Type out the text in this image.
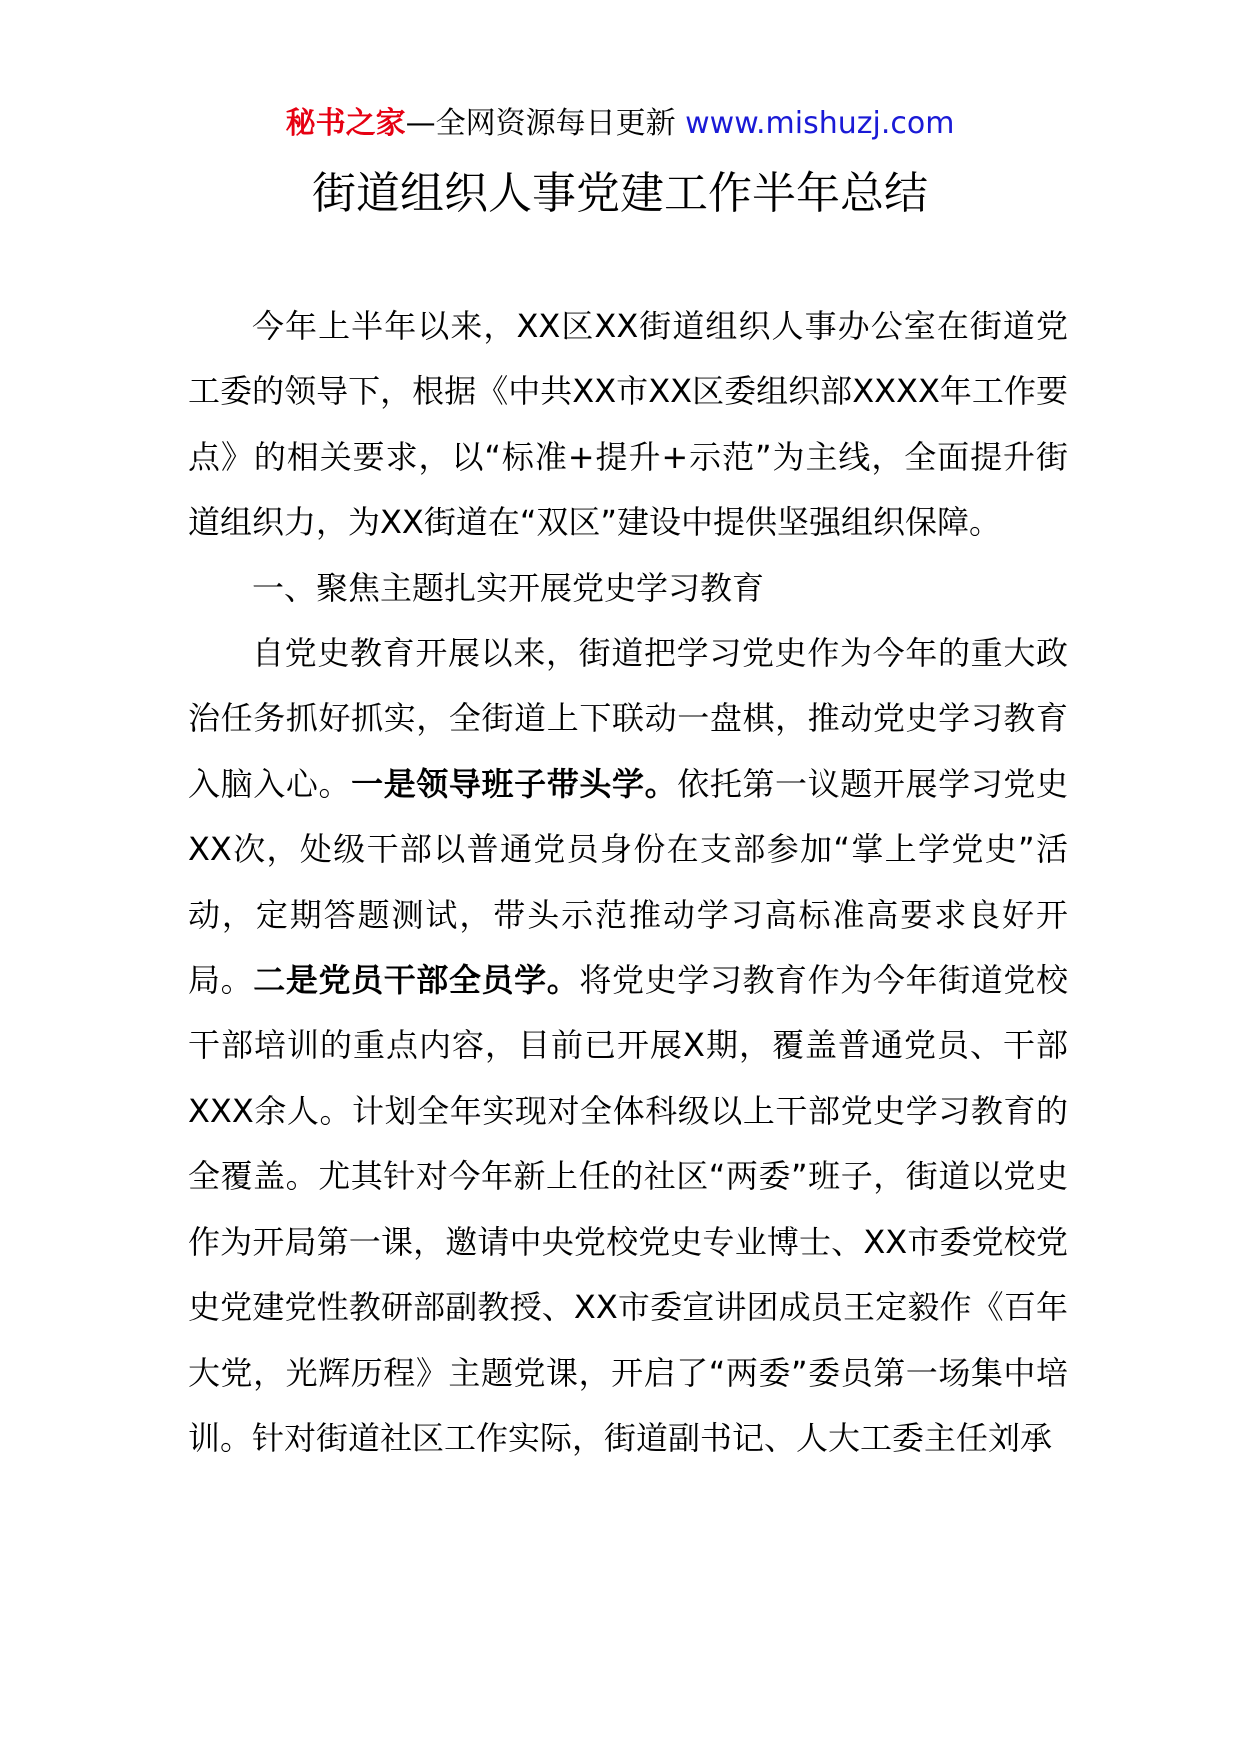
秘书之家—全网资源每日更新 www.mishuzj.com
街道组织人事党建工作半年总结

今年上半年以来，XX区XX街道组织人事办公室在街道党工委的领导下，根据《中共XX市XX区委组织部XXXX年工作要点》的相关要求，以“标准+提升+示范”为主线，全面提升街道组织力，为XX街道在“双区”建设中提供坚强组织保障。

一、聚焦主题扎实开展党史学习教育

自党史教育开展以来，街道把学习党史作为今年的重大政治任务抓好抓实，全街道上下联动一盘棋，推动党史学习教育入脑入心。一是领导班子带头学。依托第一议题开展学习党史XX次，处级干部以普通党员身份在支部参加“掌上学党史”活动，定期答题测试，带头示范推动学习高标准高要求良好开局。二是党员干部全员学。将党史学习教育作为今年街道党校干部培训的重点内容，目前已开展X期，覆盖普通党员、干部XXX余人。计划全年实现对全体科级以上干部党史学习教育的全覆盖。尤其针对今年新上任的社区“两委”班子，街道以党史作为开局第一课，邀请中央党校党史专业博士、XX市委党校党史党建党性教研部副教授、XX市委宣讲团成员王定毅作《百年大党，光辉历程》主题党课，开启了“两委”委员第一场集中培训。针对街道社区工作实际，街道副书记、人大工委主任刘承
